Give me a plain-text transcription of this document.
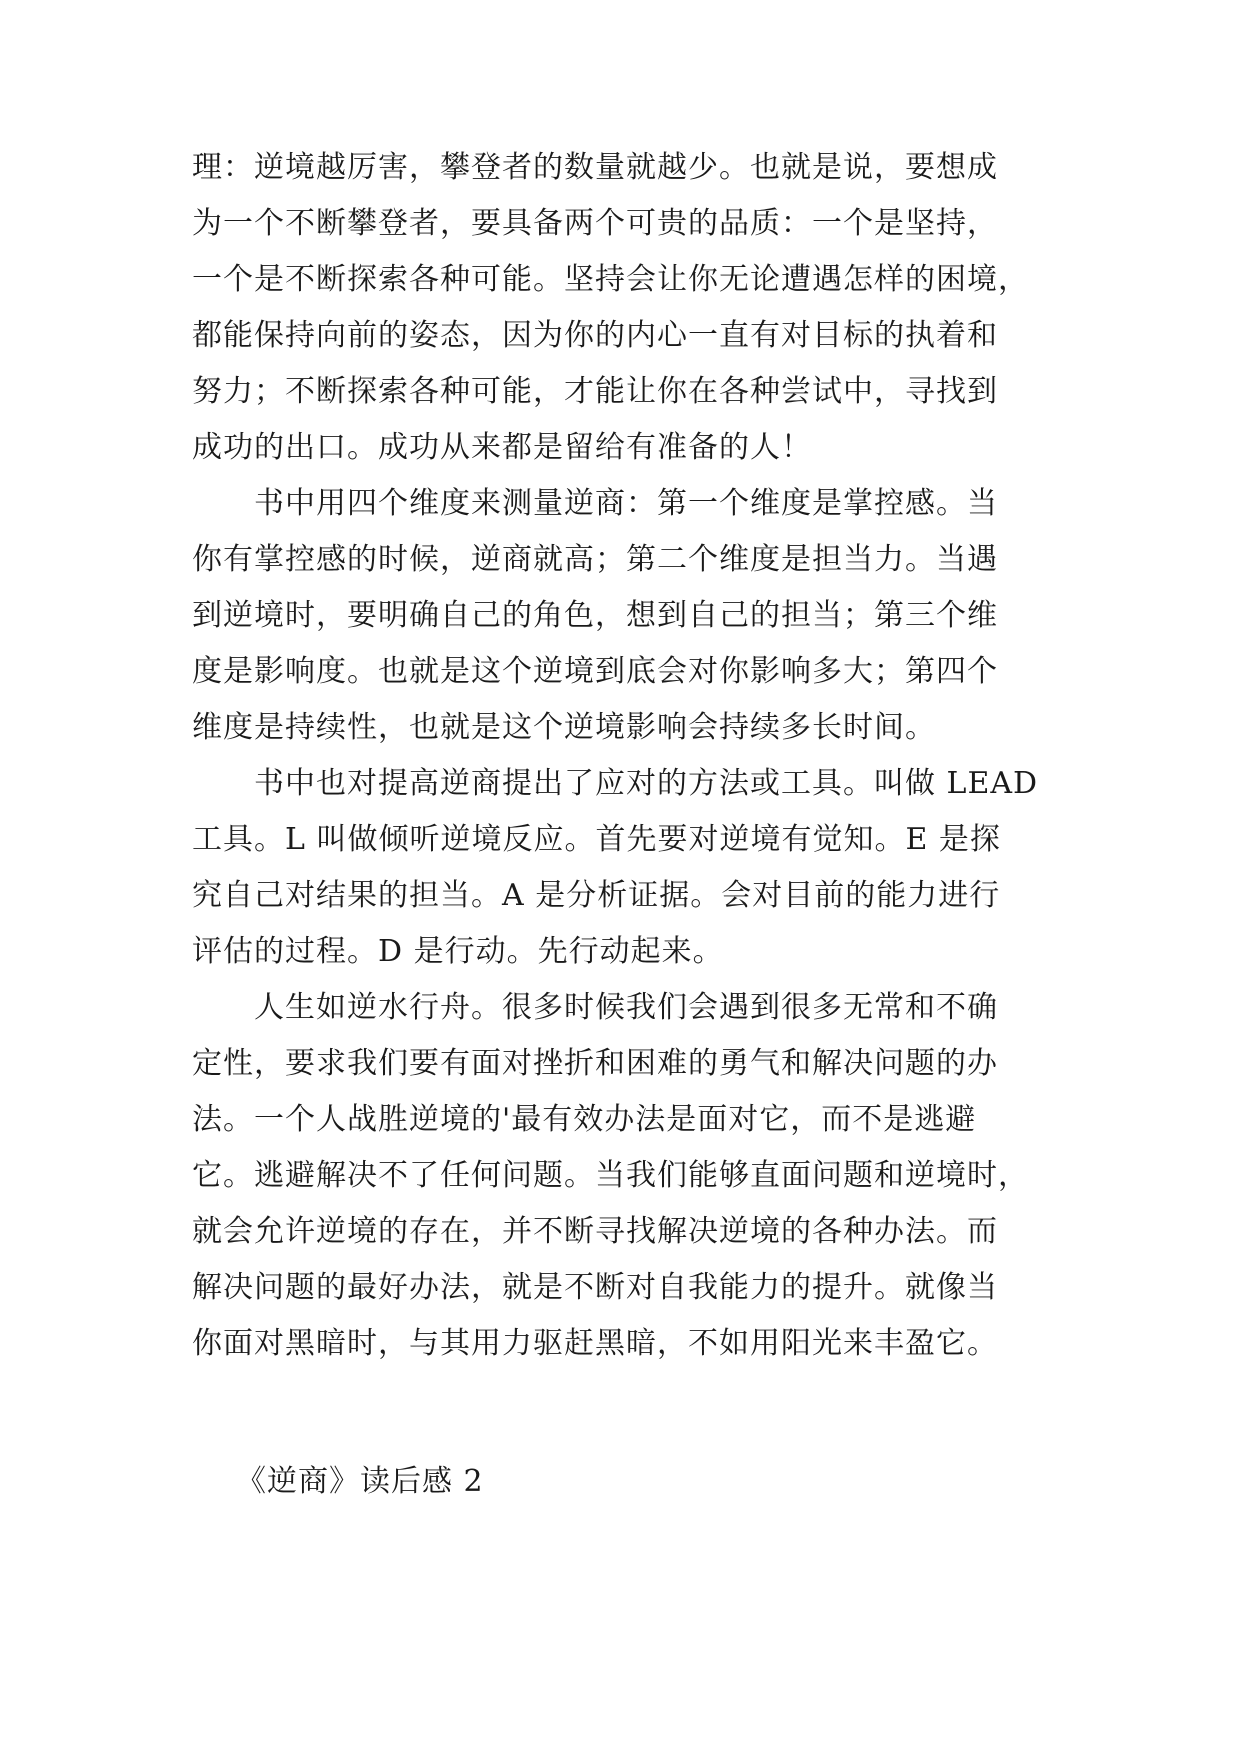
理：逆境越厉害，攀登者的数量就越少。也就是说，要想成
为一个不断攀登者，要具备两个可贵的品质：一个是坚持，
一个是不断探索各种可能。坚持会让你无论遭遇怎样的困境，
都能保持向前的姿态，因为你的内心一直有对目标的执着和
努力；不断探索各种可能，才能让你在各种尝试中，寻找到
成功的出口。成功从来都是留给有准备的人！
书中用四个维度来测量逆商：第一个维度是掌控感。当
你有掌控感的时候，逆商就高；第二个维度是担当力。当遇
到逆境时，要明确自己的角色，想到自己的担当；第三个维
度是影响度。也就是这个逆境到底会对你影响多大；第四个
维度是持续性，也就是这个逆境影响会持续多长时间。
书中也对提高逆商提出了应对的方法或工具。叫做 LEAD
工具。L 叫做倾听逆境反应。首先要对逆境有觉知。E 是探
究自己对结果的担当。A 是分析证据。会对目前的能力进行
评估的过程。D 是行动。先行动起来。
人生如逆水行舟。很多时候我们会遇到很多无常和不确
定性，要求我们要有面对挫折和困难的勇气和解决问题的办
法。一个人战胜逆境的'最有效办法是面对它，而不是逃避
它。逃避解决不了任何问题。当我们能够直面问题和逆境时，
就会允许逆境的存在，并不断寻找解决逆境的各种办法。而
解决问题的最好办法，就是不断对自我能力的提升。就像当
你面对黑暗时，与其用力驱赶黑暗，不如用阳光来丰盈它。
《逆商》读后感 2
